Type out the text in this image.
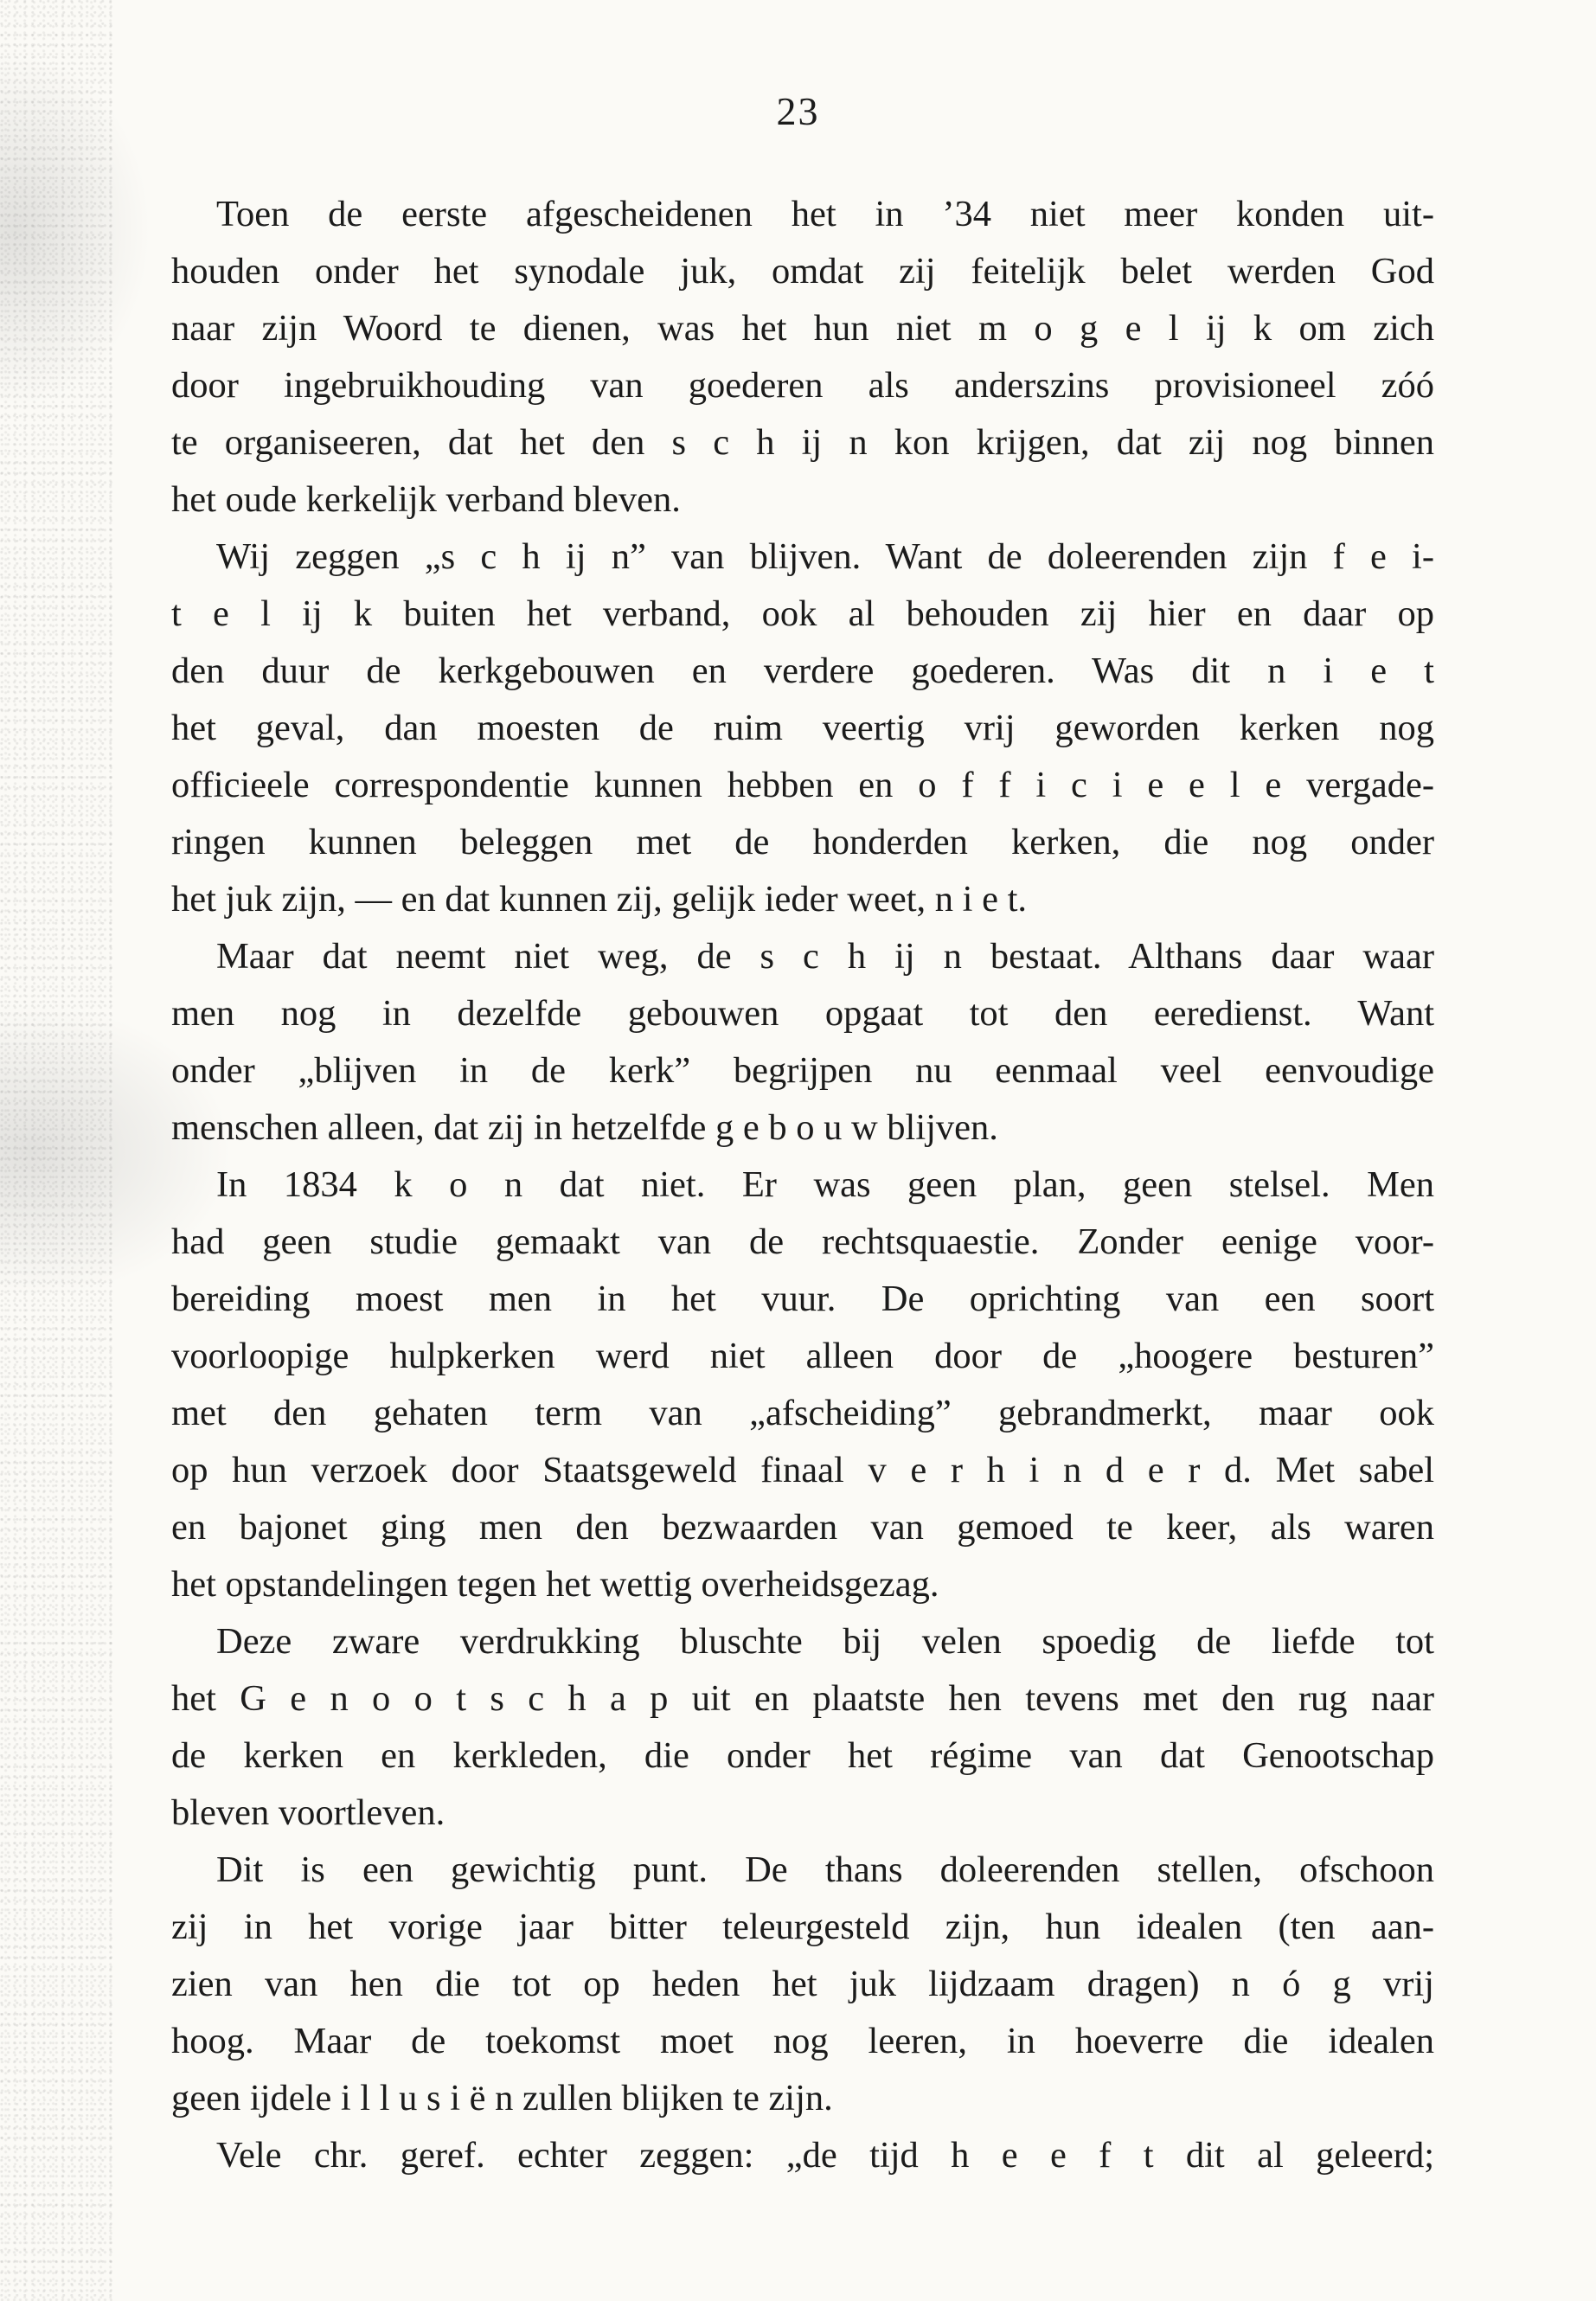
23
Toen de eerste afgescheidenen het in ’34 niet meer konden uit-
houden onder het synodale juk, omdat zij feitelijk belet werden God
naar zijn Woord te dienen, was het hun niet m o g e l ij k om zich
door ingebruikhouding van goederen als anderszins provisioneel zóó
te organiseeren, dat het den s c h ij n kon krijgen, dat zij nog binnen
het oude kerkelijk verband bleven.
Wij zeggen „s c h ij n” van blijven. Want de doleerenden zijn f e i-
t e l ij k buiten het verband, ook al behouden zij hier en daar op
den duur de kerkgebouwen en verdere goederen. Was dit n i e t
het geval, dan moesten de ruim veertig vrij geworden kerken nog
officieele correspondentie kunnen hebben en o f f i c i e e l e vergade-
ringen kunnen beleggen met de honderden kerken, die nog onder
het juk zijn, — en dat kunnen zij, gelijk ieder weet, n i e t.
Maar dat neemt niet weg, de s c h ij n bestaat. Althans daar waar
men nog in dezelfde gebouwen opgaat tot den eeredienst. Want
onder „blijven in de kerk” begrijpen nu eenmaal veel eenvoudige
menschen alleen, dat zij in hetzelfde g e b o u w blijven.
In 1834 k o n dat niet. Er was geen plan, geen stelsel. Men
had geen studie gemaakt van de rechtsquaestie. Zonder eenige voor-
bereiding moest men in het vuur. De oprichting van een soort
voorloopige hulpkerken werd niet alleen door de „hoogere besturen”
met den gehaten term van „afscheiding” gebrandmerkt, maar ook
op hun verzoek door Staatsgeweld finaal v e r h i n d e r d. Met sabel
en bajonet ging men den bezwaarden van gemoed te keer, als waren
het opstandelingen tegen het wettig overheidsgezag.
Deze zware verdrukking bluschte bij velen spoedig de liefde tot
het G e n o o t s c h a p uit en plaatste hen tevens met den rug naar
de kerken en kerkleden, die onder het régime van dat Genootschap
bleven voortleven.
Dit is een gewichtig punt. De thans doleerenden stellen, ofschoon
zij in het vorige jaar bitter teleurgesteld zijn, hun idealen (ten aan-
zien van hen die tot op heden het juk lijdzaam dragen) n ó g vrij
hoog. Maar de toekomst moet nog leeren, in hoeverre die idealen
geen ijdele i l l u s i ë n zullen blijken te zijn.
Vele chr. geref. echter zeggen: „de tijd h e e f t dit al geleerd;
